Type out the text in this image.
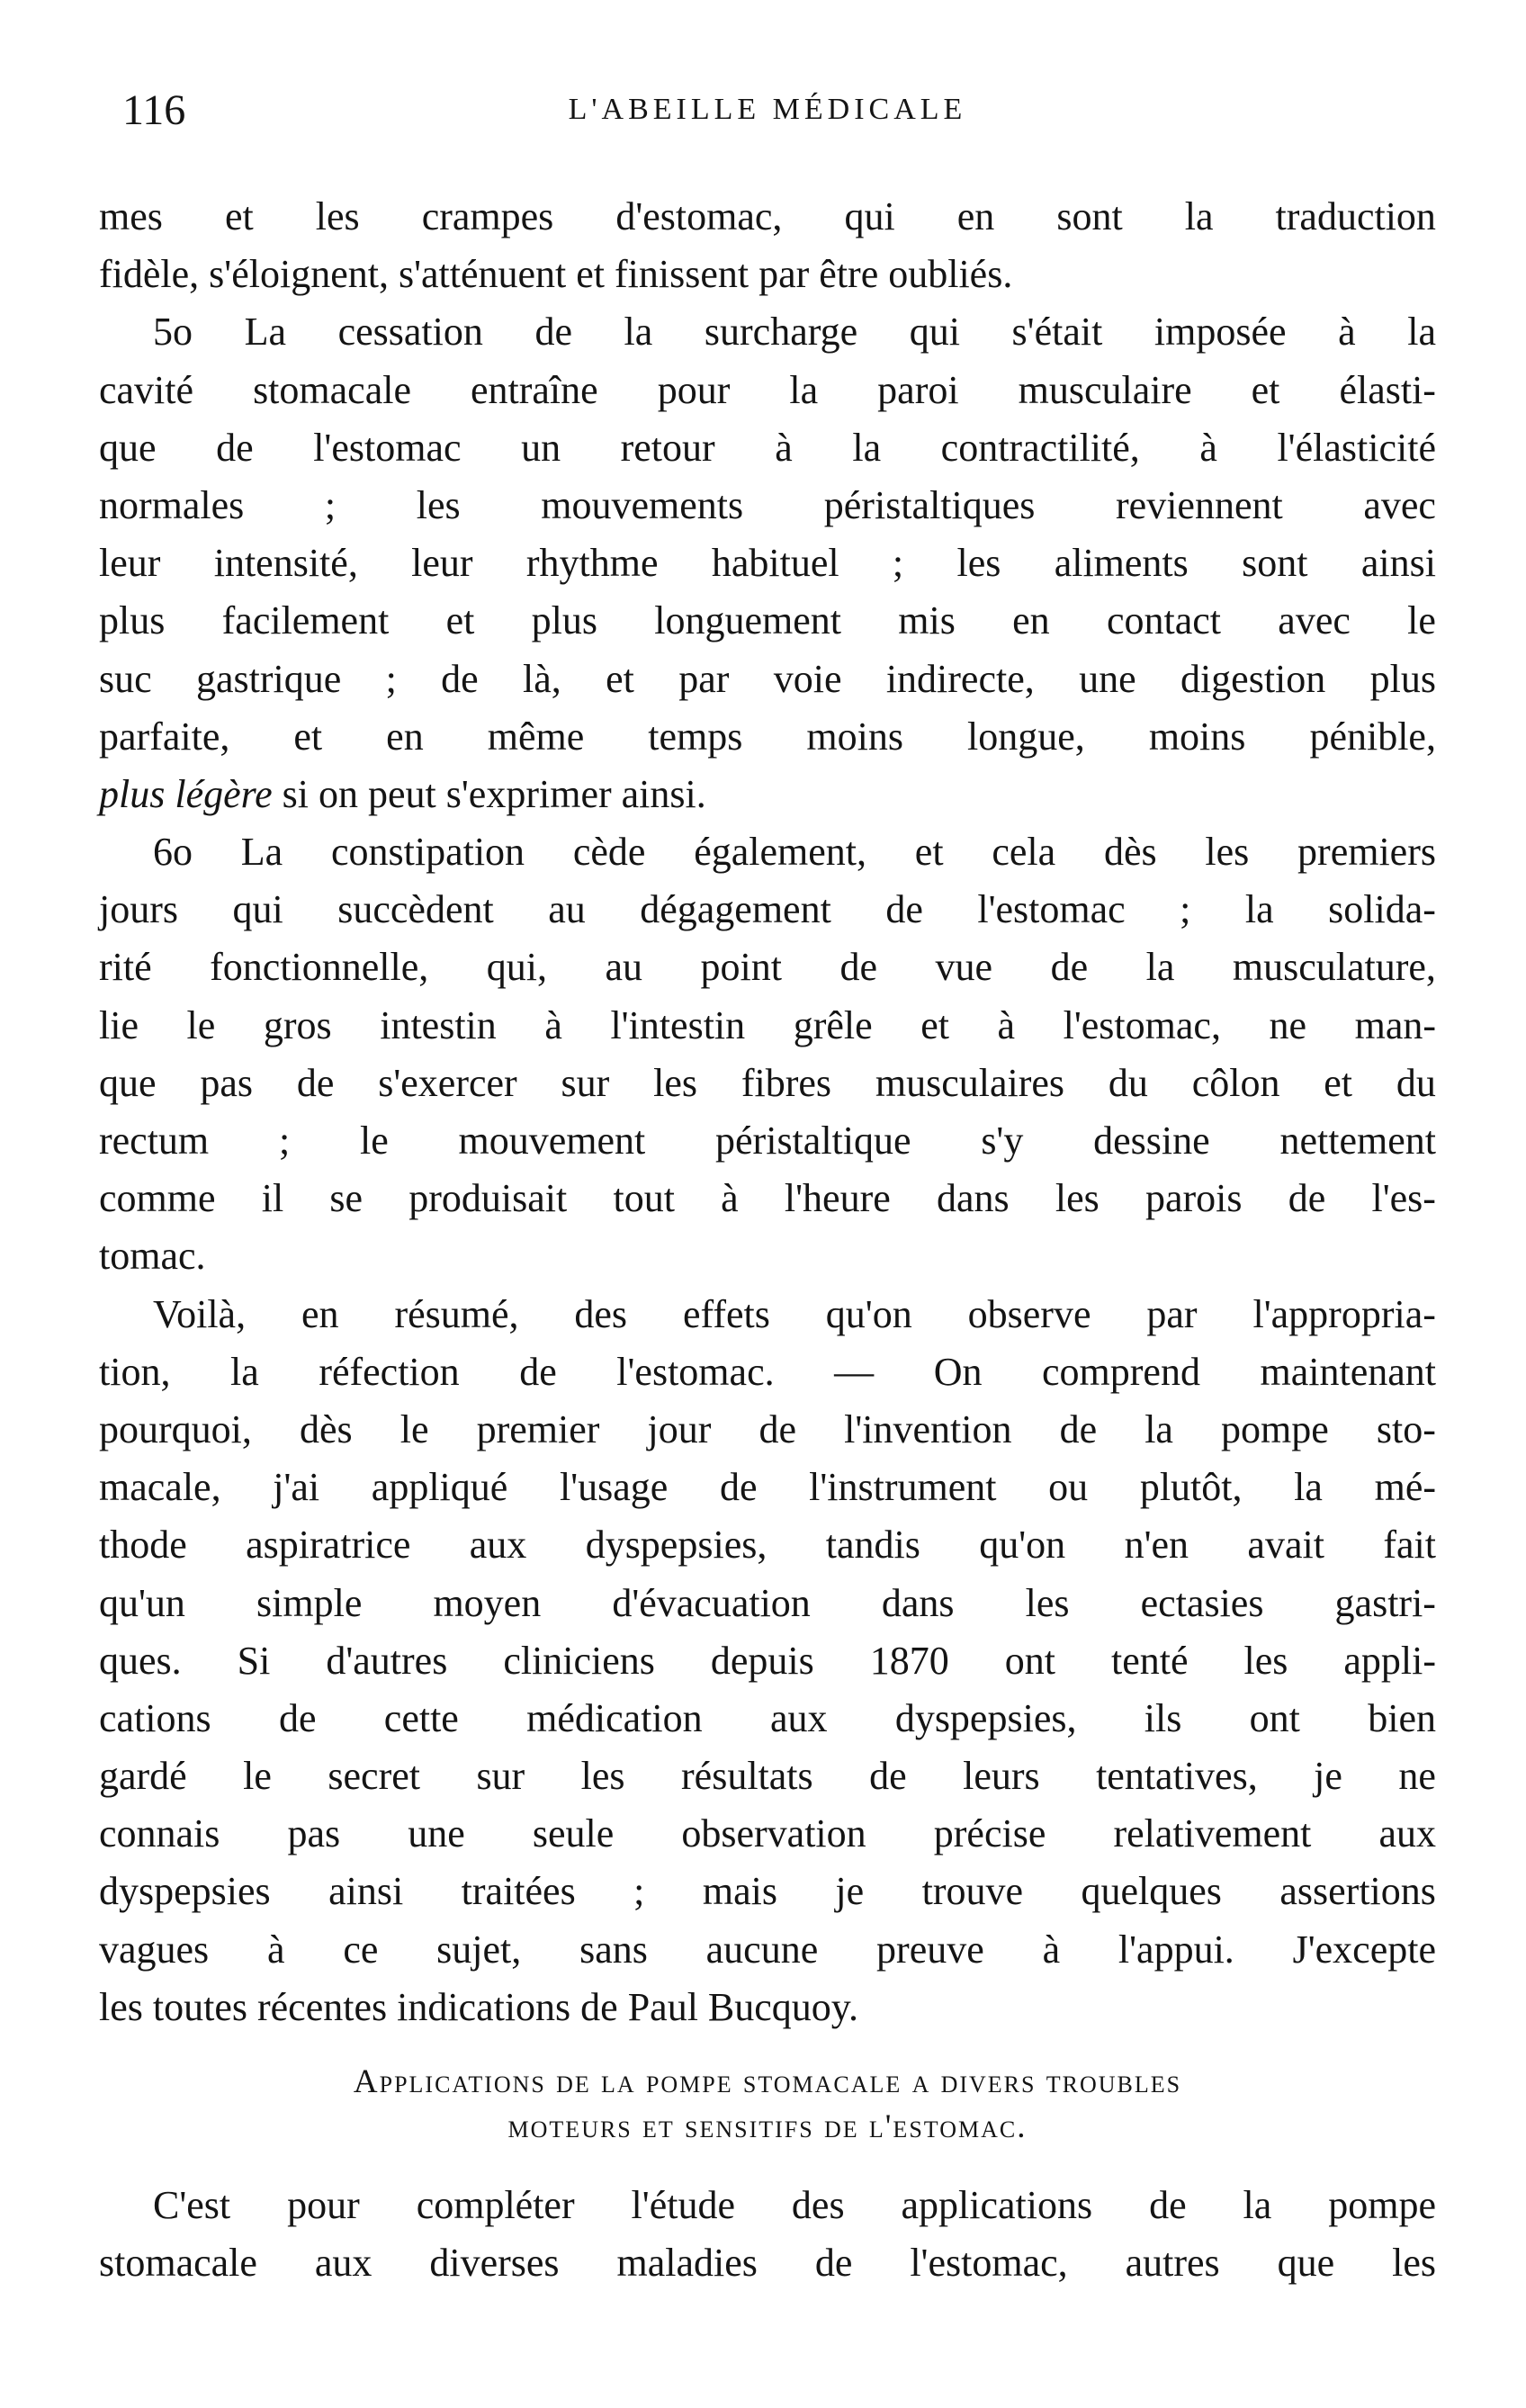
116	L'ABEILLE MÉDICALE
mes et les crampes d'estomac, qui en sont la traduction
fidèle, s'éloignent, s'atténuent et finissent par être oubliés.
5o La cessation de la surcharge qui s'était imposée à la
cavité stomacale entraîne pour la paroi musculaire et élasti-
que de l'estomac un retour à la contractilité, à l'élasticité
normales ; les mouvements péristaltiques reviennent avec
leur intensité, leur rhythme habituel ; les aliments sont ainsi
plus facilement et plus longuement mis en contact avec le
suc gastrique ; de là, et par voie indirecte, une digestion plus
parfaite, et en même temps moins longue, moins pénible,
plus légère si on peut s'exprimer ainsi.
6o La constipation cède également, et cela dès les premiers
jours qui succèdent au dégagement de l'estomac ; la solida-
rité fonctionnelle, qui, au point de vue de la musculature,
lie le gros intestin à l'intestin grêle et à l'estomac, ne man-
que pas de s'exercer sur les fibres musculaires du côlon et du
rectum ; le mouvement péristaltique s'y dessine nettement
comme il se produisait tout à l'heure dans les parois de l'es-
tomac.
Voilà, en résumé, des effets qu'on observe par l'appropria-
tion, la réfection de l'estomac. — On comprend maintenant
pourquoi, dès le premier jour de l'invention de la pompe sto-
macale, j'ai appliqué l'usage de l'instrument ou plutôt, la mé-
thode aspiratrice aux dyspepsies, tandis qu'on n'en avait fait
qu'un simple moyen d'évacuation dans les ectasies gastri-
ques. Si d'autres cliniciens depuis 1870 ont tenté les appli-
cations de cette médication aux dyspepsies, ils ont bien
gardé le secret sur les résultats de leurs tentatives, je ne
connais pas une seule observation précise relativement aux
dyspepsies ainsi traitées ; mais je trouve quelques assertions
vagues à ce sujet, sans aucune preuve à l'appui. J'excepte
les toutes récentes indications de Paul Bucquoy.
Applications de la pompe stomacale a divers troubles
moteurs et sensitifs de l'estomac.
C'est pour compléter l'étude des applications de la pompe
stomacale aux diverses maladies de l'estomac, autres que les
